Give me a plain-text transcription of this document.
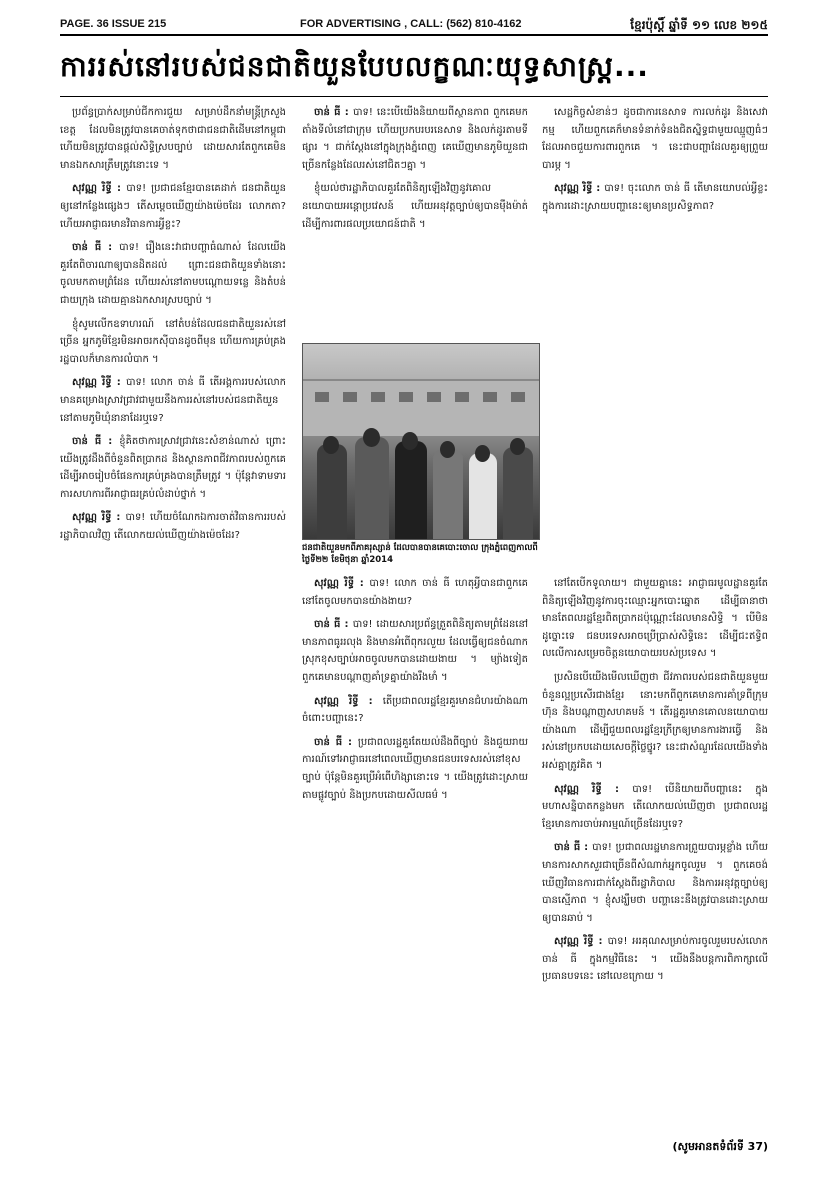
PAGE. 36 ISSUE 215	FOR ADVERTISING , CALL: (562) 810-4162	ខ្មែរប៉ុស្តិ៍ ឆ្នាំទី ១១ លេខ ២១៥
ការរស់នៅរបស់ជនជាតិយួនបែបលក្ខណៈយុទ្ធសាស្ត្រ...

ប្រព័ន្ធប្រាក់សម្រាប់ជីកការជួយ សម្រាប់ដឹកនាំមន្ត្រីក្រសួងខេត្ត ដែលមិនត្រូវបានគេចាត់ទុកថាជាជនជាតិដើមនៅកម្ពុជា ហើយមិនត្រូវបានផ្តល់សិទ្ធិស្របច្បាប់ ដោយសារតែពួកគេមិនមានឯកសារត្រឹមត្រូវនោះទេ ។

សុវណ្ណ រិទ្ធី : បាទ! ប្រជាជនខ្មែរបានគេដាក់ ជនជាតិយួនឲ្យនៅកន្លែងផ្សេងៗ តើសម្តេចឃើញយ៉ាងម៉េចដែរ លោកតា? ហើយអាជ្ញាធរមានវិធានការអ្វីខ្លះ?

ចាន់ ធី : បាទ! រឿងនេះវាជាបញ្ហាធំណាស់ ដែលយើងគួរតែពិចារណាឲ្យបានដិតដល់ ព្រោះជនជាតិយួនទាំងនោះចូលមកតាមព្រំដែន ហើយរស់នៅតាមបណ្តោយទន្លេ និងតំបន់ជាយក្រុង ដោយគ្មានឯកសារស្របច្បាប់ ។

ខ្ញុំសូមលើកឧទាហរណ៍ នៅតំបន់ដែលជនជាតិយួនរស់នៅច្រើន អ្នកភូមិខ្មែរមិនអាចរកស៊ីបានដូចពីមុន ហើយការគ្រប់គ្រងរដ្ឋបាលក៏មានការលំបាក ។

សុវណ្ណ រិទ្ធី : បាទ! លោក ចាន់ ធី តើអង្គការរបស់លោកមានគម្រោងស្រាវជ្រាវជាមួយនឹងការរស់នៅរបស់ជនជាតិយួននៅតាមភូមិឃុំនានាដែរឬទេ?

ចាន់ ធី : ខ្ញុំគិតថាការស្រាវជ្រាវនេះសំខាន់ណាស់ ព្រោះយើងត្រូវដឹងពីចំនួនពិតប្រាកដ និងស្ថានភាពជីវភាពរបស់ពួកគេ ដើម្បីអាចរៀបចំផែនការគ្រប់គ្រងបានត្រឹមត្រូវ ។ ប៉ុន្តែវាទាមទារការសហការពីអាជ្ញាធរគ្រប់លំដាប់ថ្នាក់ ។

សុវណ្ណ រិទ្ធី : បាទ! ហើយចំណែកឯការចាត់វិធានការរបស់រដ្ឋាភិបាលវិញ តើលោកយល់ឃើញយ៉ាងម៉េចដែរ?

ចាន់ ធី : បាទ! នេះបើយើងនិយាយពីស្ថានភាព ពួកគេមកតាំងទីលំនៅជាក្រុម ហើយប្រកបរបរនេសាទ និងលក់ដូរតាមទីផ្សារ ។ ជាក់ស្តែងនៅក្នុងក្រុងភ្នំពេញ គេឃើញមានភូមិយួនជាច្រើនកន្លែងដែលរស់នៅជិតៗគ្នា ។

ខ្ញុំយល់ថារដ្ឋាភិបាលគួរតែពិនិត្យឡើងវិញនូវគោលនយោបាយអន្តោប្រវេសន៍ ហើយអនុវត្តច្បាប់ឲ្យបានម៉ឺងម៉ាត់ ដើម្បីការពារផលប្រយោជន៍ជាតិ ។

ជនជាតិយួនមកពីភាគរុស្សាន់ ដែលបានបានគេបោះចោល ក្រុងភ្នំពេញកាលពីថ្ងៃទី២២ ខែមិថុនា ឆ្នាំ2014

សុវណ្ណ រិទ្ធី : បាទ! លោក ចាន់ ធី ហេតុអ្វីបានជាពួកគេនៅតែចូលមកបានយ៉ាងងាយ?

ចាន់ ធី : បាទ! ដោយសារប្រព័ន្ធត្រួតពិនិត្យតាមព្រំដែននៅមានភាពធូររលុង និងមានអំពើពុករលួយ ដែលធ្វើឲ្យជនចំណាកស្រុកខុសច្បាប់អាចចូលមកបានដោយងាយ ។ ម្យ៉ាងទៀតពួកគេមានបណ្តាញគាំទ្រគ្នាយ៉ាងរឹងមាំ ។

សុវណ្ណ រិទ្ធី : តើប្រជាពលរដ្ឋខ្មែរគួរមានជំហរយ៉ាងណា ចំពោះបញ្ហានេះ?

ចាន់ ធី : ប្រជាពលរដ្ឋគួរតែយល់ដឹងពីច្បាប់ និងជួយរាយការណ៍ទៅអាជ្ញាធរនៅពេលឃើញមានជនបរទេសរស់នៅខុសច្បាប់ ប៉ុន្តែមិនគួរប្រើអំពើហិង្សានោះទេ ។ យើងត្រូវដោះស្រាយតាមផ្លូវច្បាប់ និងប្រកបដោយសីលធម៌ ។

សេដ្ឋកិច្ចសំខាន់ៗ ដូចជាការនេសាទ ការលក់ដូរ និងសេវាកម្ម ហើយពួកគេក៏មានទំនាក់ទំនងជិតស្និទ្ធជាមួយឈ្មួញធំៗ ដែលអាចជួយការពារពួកគេ ។ នេះជាបញ្ហាដែលគួរឲ្យព្រួយបារម្ភ ។

សុវណ្ណ រិទ្ធី : បាទ! ចុះលោក ចាន់ ធី តើមានយោបល់អ្វីខ្លះ ក្នុងការដោះស្រាយបញ្ហានេះឲ្យមានប្រសិទ្ធភាព?

នៅតែបើកទូលាយ។ ជាមួយគ្នានេះ អាជ្ញាធរមូលដ្ឋានគួរតែពិនិត្យឡើងវិញនូវការចុះឈ្មោះអ្នកបោះឆ្នោត ដើម្បីធានាថា មានតែពលរដ្ឋខ្មែរពិតប្រាកដប៉ុណ្ណោះដែលមានសិទ្ធិ ។ បើមិនដូច្នោះទេ ជនបរទេសអាចប្រើប្រាស់សិទ្ធិនេះ ដើម្បីជះឥទ្ធិពលលើការសម្រេចចិត្តនយោបាយរបស់ប្រទេស ។

ប្រសិនបើយើងមើលឃើញថា ជីវភាពរបស់ជនជាតិយួនមួយចំនួនល្អប្រសើរជាងខ្មែរ នោះមកពីពួកគេមានការគាំទ្រពីក្រុមហ៊ុន និងបណ្តាញសហគមន៍ ។ តើរដ្ឋគួរមានគោលនយោបាយយ៉ាងណា ដើម្បីជួយពលរដ្ឋខ្មែរក្រីក្រឲ្យមានការងារធ្វើ និងរស់នៅប្រកបដោយសេចក្តីថ្លៃថ្នូរ? នេះជាសំណួរដែលយើងទាំងអស់គ្នាត្រូវគិត ។

សុវណ្ណ រិទ្ធី : បាទ! បើនិយាយពីបញ្ហានេះ ក្នុងមហាសន្និបាតកន្លងមក តើលោកយល់ឃើញថា ប្រជាពលរដ្ឋខ្មែរមានការចាប់អារម្មណ៍ច្រើនដែរឬទេ?

ចាន់ ធី : បាទ! ប្រជាពលរដ្ឋមានការព្រួយបារម្ភខ្លាំង ហើយមានការសាកសួរជាច្រើនពីសំណាក់អ្នកចូលរួម ។ ពួកគេចង់ឃើញវិធានការជាក់ស្តែងពីរដ្ឋាភិបាល និងការអនុវត្តច្បាប់ឲ្យបានស្មើភាព ។ ខ្ញុំសង្ឃឹមថា បញ្ហានេះនឹងត្រូវបានដោះស្រាយឲ្យបានឆាប់ ។

សុវណ្ណ រិទ្ធី : បាទ! អរគុណសម្រាប់ការចូលរួមរបស់លោក ចាន់ ធី ក្នុងកម្មវិធីនេះ ។ យើងនឹងបន្តការពិភាក្សាលើប្រធានបទនេះ នៅលេខក្រោយ ។

(សូមអានតទំព័រទី 37)
